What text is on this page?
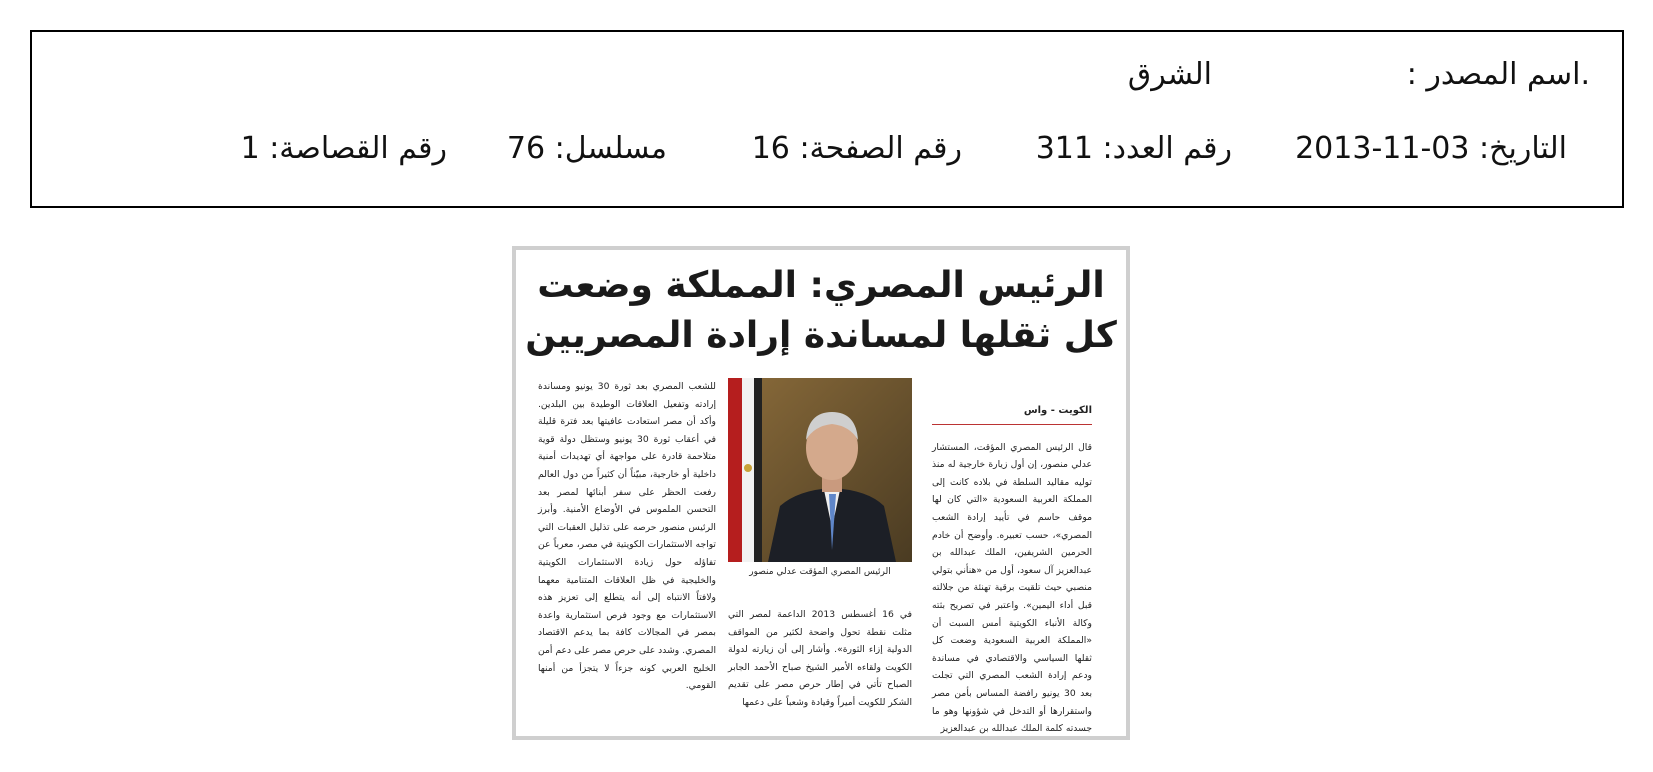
.اسم المصدر :
الشرق
التاريخ: 03-11-2013
رقم العدد: 311
رقم الصفحة: 16
مسلسل: 76
رقم القصاصة: 1
الرئيس المصري: المملكة وضعت
كل ثقلها لمساندة إرادة المصريين
الكويت - واس

قال الرئيس المصري المؤقت، المستشار عدلي منصور، إن أول زيارة خارجية له منذ توليه مقاليد السلطة في بلاده كانت إلى المملكة العربية السعودية «التي كان لها موقف حاسم في تأييد إرادة الشعب المصري»، حسب تعبيره. وأوضح أن خادم الحرمين الشريفين، الملك عبدالله بن عبدالعزيز آل سعود، أول من «هنأني بتولي منصبي حيث تلقيت برقية تهنئة من جلالته قبل أداء اليمين». واعتبر في تصريح بثته وكالة الأنباء الكويتية أمس السبت أن «المملكة العربية السعودية وضعت كل ثقلها السياسي والاقتصادي في مساندة ودعم إرادة الشعب المصري التي تجلت بعد 30 يونيو رافضة المساس بأمن مصر واستقرارها أو التدخل في شؤونها وهو ما جسدته كلمة الملك عبدالله بن عبدالعزيز

الرئيس المصري المؤقت عدلي منصور

في 16 أغسطس 2013 الداعمة لمصر التي مثلت نقطة تحول واضحة لكثير من المواقف الدولية إزاء الثورة». وأشار إلى أن زيارته لدولة الكويت ولقاءه الأمير الشيخ صباح الأحمد الجابر الصباح تأتي في إطار حرص مصر على تقديم الشكر للكويت أميراً وقيادة وشعباً على دعمها

للشعب المصري بعد ثورة 30 يونيو ومساندة إرادته وتفعيل العلاقات الوطيدة بين البلدين. وأكد أن مصر استعادت عافيتها بعد فترة قليلة في أعقاب ثورة 30 يونيو وستظل دولة قوية متلاحمة قادرة على مواجهة أي تهديدات أمنية داخلية أو خارجية، مبيّناً أن كثيراً من دول العالم رفعت الحظر على سفر أبنائها لمصر بعد التحسن الملموس في الأوضاع الأمنية. وأبرز الرئيس منصور حرصه على تذليل العقبات التي تواجه الاستثمارات الكويتية في مصر، معرباً عن تفاؤله حول زيادة الاستثمارات الكويتية والخليجية في ظل العلاقات المتنامية معهما ولافتاً الانتباه إلى أنه يتطلع إلى تعزيز هذه الاستثمارات مع وجود فرص استثمارية واعدة بمصر في المجالات كافة بما يدعم الاقتصاد المصري. وشدد على حرص مصر على دعم أمن الخليج العربي كونه جزءاً لا يتجزأ من أمنها القومي.
